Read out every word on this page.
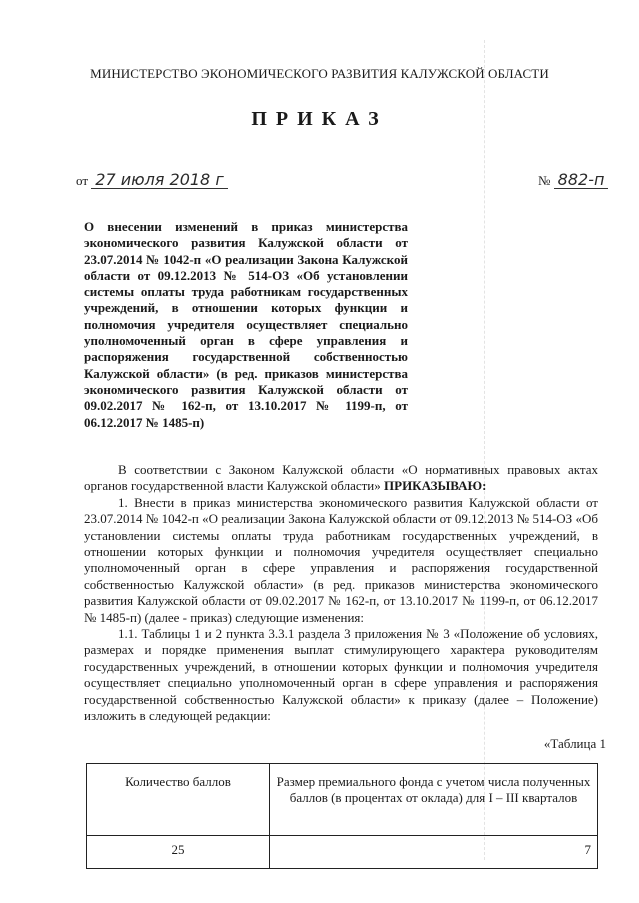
МИНИСТЕРСТВО ЭКОНОМИЧЕСКОГО РАЗВИТИЯ КАЛУЖСКОЙ ОБЛАСТИ
ПРИКАЗ
от 27 июля 2018 г	№ 882-п
О внесении изменений в приказ министерства экономического развития Калужской области от 23.07.2014 № 1042-п «О реализации Закона Калужской области от 09.12.2013 № 514-ОЗ «Об установлении системы оплаты труда работникам государственных учреждений, в отношении которых функции и полномочия учредителя осуществляет специально уполномоченный орган в сфере управления и распоряжения государственной собственностью Калужской области» (в ред. приказов министерства экономического развития Калужской области от 09.02.2017 № 162-п, от 13.10.2017 № 1199-п, от 06.12.2017 № 1485-п)

В соответствии с Законом Калужской области «О нормативных правовых актах органов государственной власти Калужской области» ПРИКАЗЫВАЮ:

1. Внести в приказ министерства экономического развития Калужской области от 23.07.2014 № 1042-п «О реализации Закона Калужской области от 09.12.2013 № 514-ОЗ «Об установлении системы оплаты труда работникам государственных учреждений, в отношении которых функции и полномочия учредителя осуществляет специально уполномоченный орган в сфере управления и распоряжения государственной собственностью Калужской области» (в ред. приказов министерства экономического развития Калужской области от 09.02.2017 № 162-п, от 13.10.2017 № 1199-п, от 06.12.2017 № 1485-п) (далее - приказ) следующие изменения:

1.1. Таблицы 1 и 2 пункта 3.3.1 раздела 3 приложения № 3 «Положение об условиях, размерах и порядке применения выплат стимулирующего характера руководителям государственных учреждений, в отношении которых функции и полномочия учредителя осуществляет специально уполномоченный орган в сфере управления и распоряжения государственной собственностью Калужской области» к приказу (далее – Положение) изложить в следующей редакции:

«Таблица 1
Количество баллов	Размер премиального фонда с учетом числа полученных баллов (в процентах от оклада) для I – III кварталов
25	7
